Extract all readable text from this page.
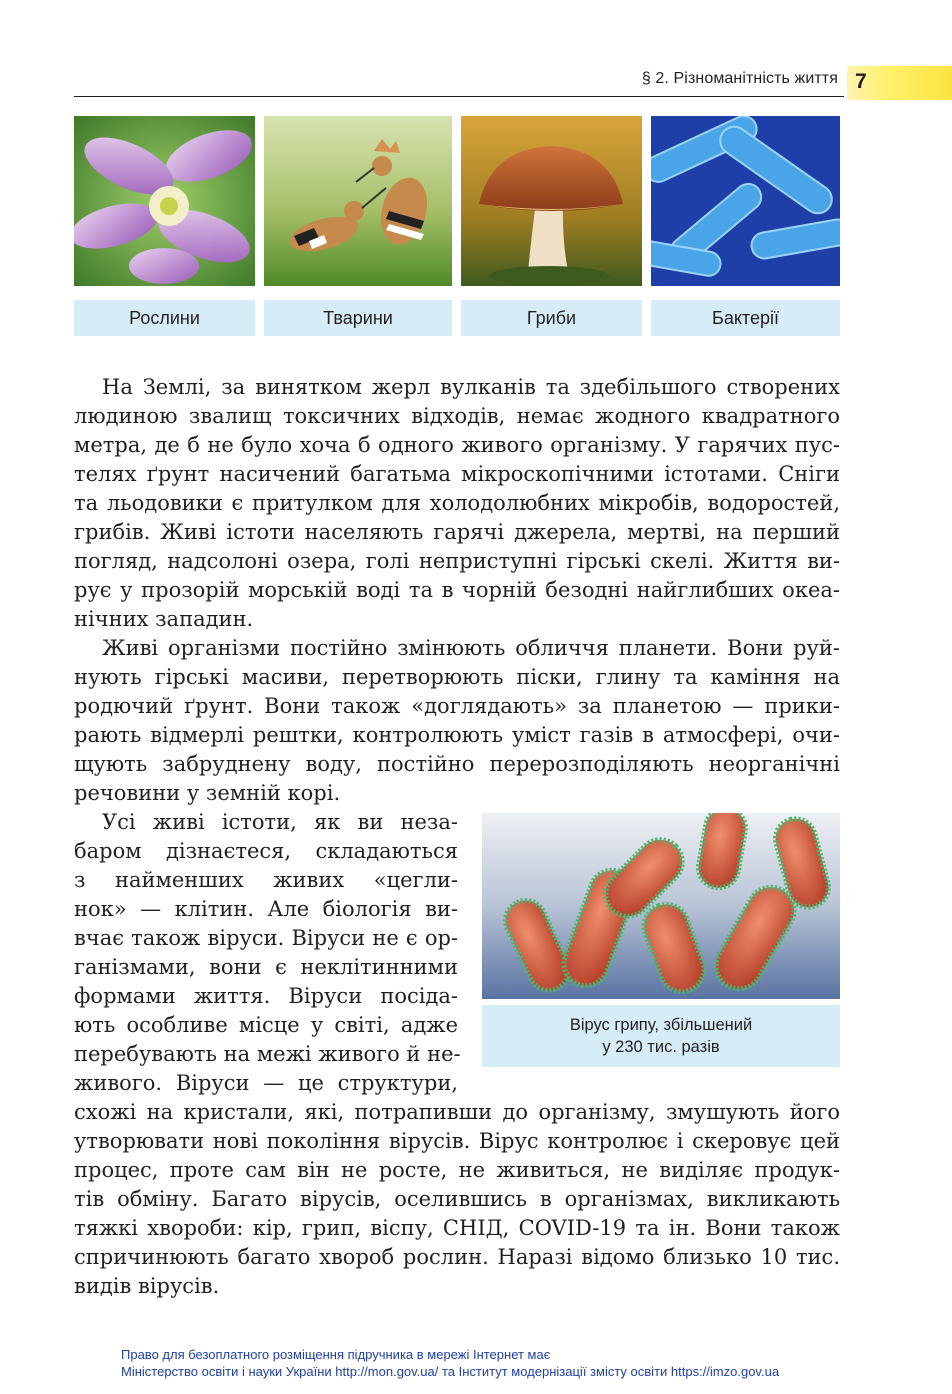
§ 2. Різноманітність життя 7
Рослини	Тварини	Гриби	Бактерії
На Землі, за винятком жерл вулканів та здебільшого створених
людиною звалищ токсичних відходів, немає жодного квадратного
метра, де б не було хоча б одного живого організму. У гарячих пус-
телях ґрунт насичений багатьма мікроскопічними істотами. Сніги
та льодовики є притулком для холодолюбних мікробів, водоростей,
грибів. Живі істоти населяють гарячі джерела, мертві, на перший
погляд, надсолоні озера, голі неприступні гірські скелі. Життя ви-
рує у прозорій морській воді та в чорній безодні найглибших океа-
нічних западин.
Живі організми постійно змінюють обличчя планети. Вони руй-
нують гірські масиви, перетворюють піски, глину та каміння на
родючий ґрунт. Вони також «доглядають» за планетою — прики-
рають відмерлі рештки, контролюють уміст газів в атмосфері, очи-
щують забруднену воду, постійно перерозподіляють неорганічні
речовини у земній корі.
Усі живі істоти, як ви неза-
баром дізнаєтеся, складаються
з найменших живих «цегли-
нок» — клітин. Але біологія ви-
вчає також віруси. Віруси не є ор-
ганізмами, вони є неклітинними
формами життя. Віруси посіда-
ють особливе місце у світі, адже
перебувають на межі живого й не-
живого. Віруси — це структури,
схожі на кристали, які, потрапивши до організму, змушують його
утворювати нові покоління вірусів. Вірус контролює і скеровує цей
процес, проте сам він не росте, не живиться, не виділяє продук-
тів обміну. Багато вірусів, оселившись в організмах, викликають
тяжкі хвороби: кір, грип, віспу, СНІД, COVID-19 та ін. Вони також
спричинюють багато хвороб рослин. Наразі відомо близько 10 тис.
видів вірусів.
Вірус грипу, збільшений
у 230 тис. разів
Право для безоплатного розміщення підручника в мережі Інтернет має
Міністерство освіти і науки України http://mon.gov.ua/ та Інститут модернізації змісту освіти https://imzo.gov.ua
